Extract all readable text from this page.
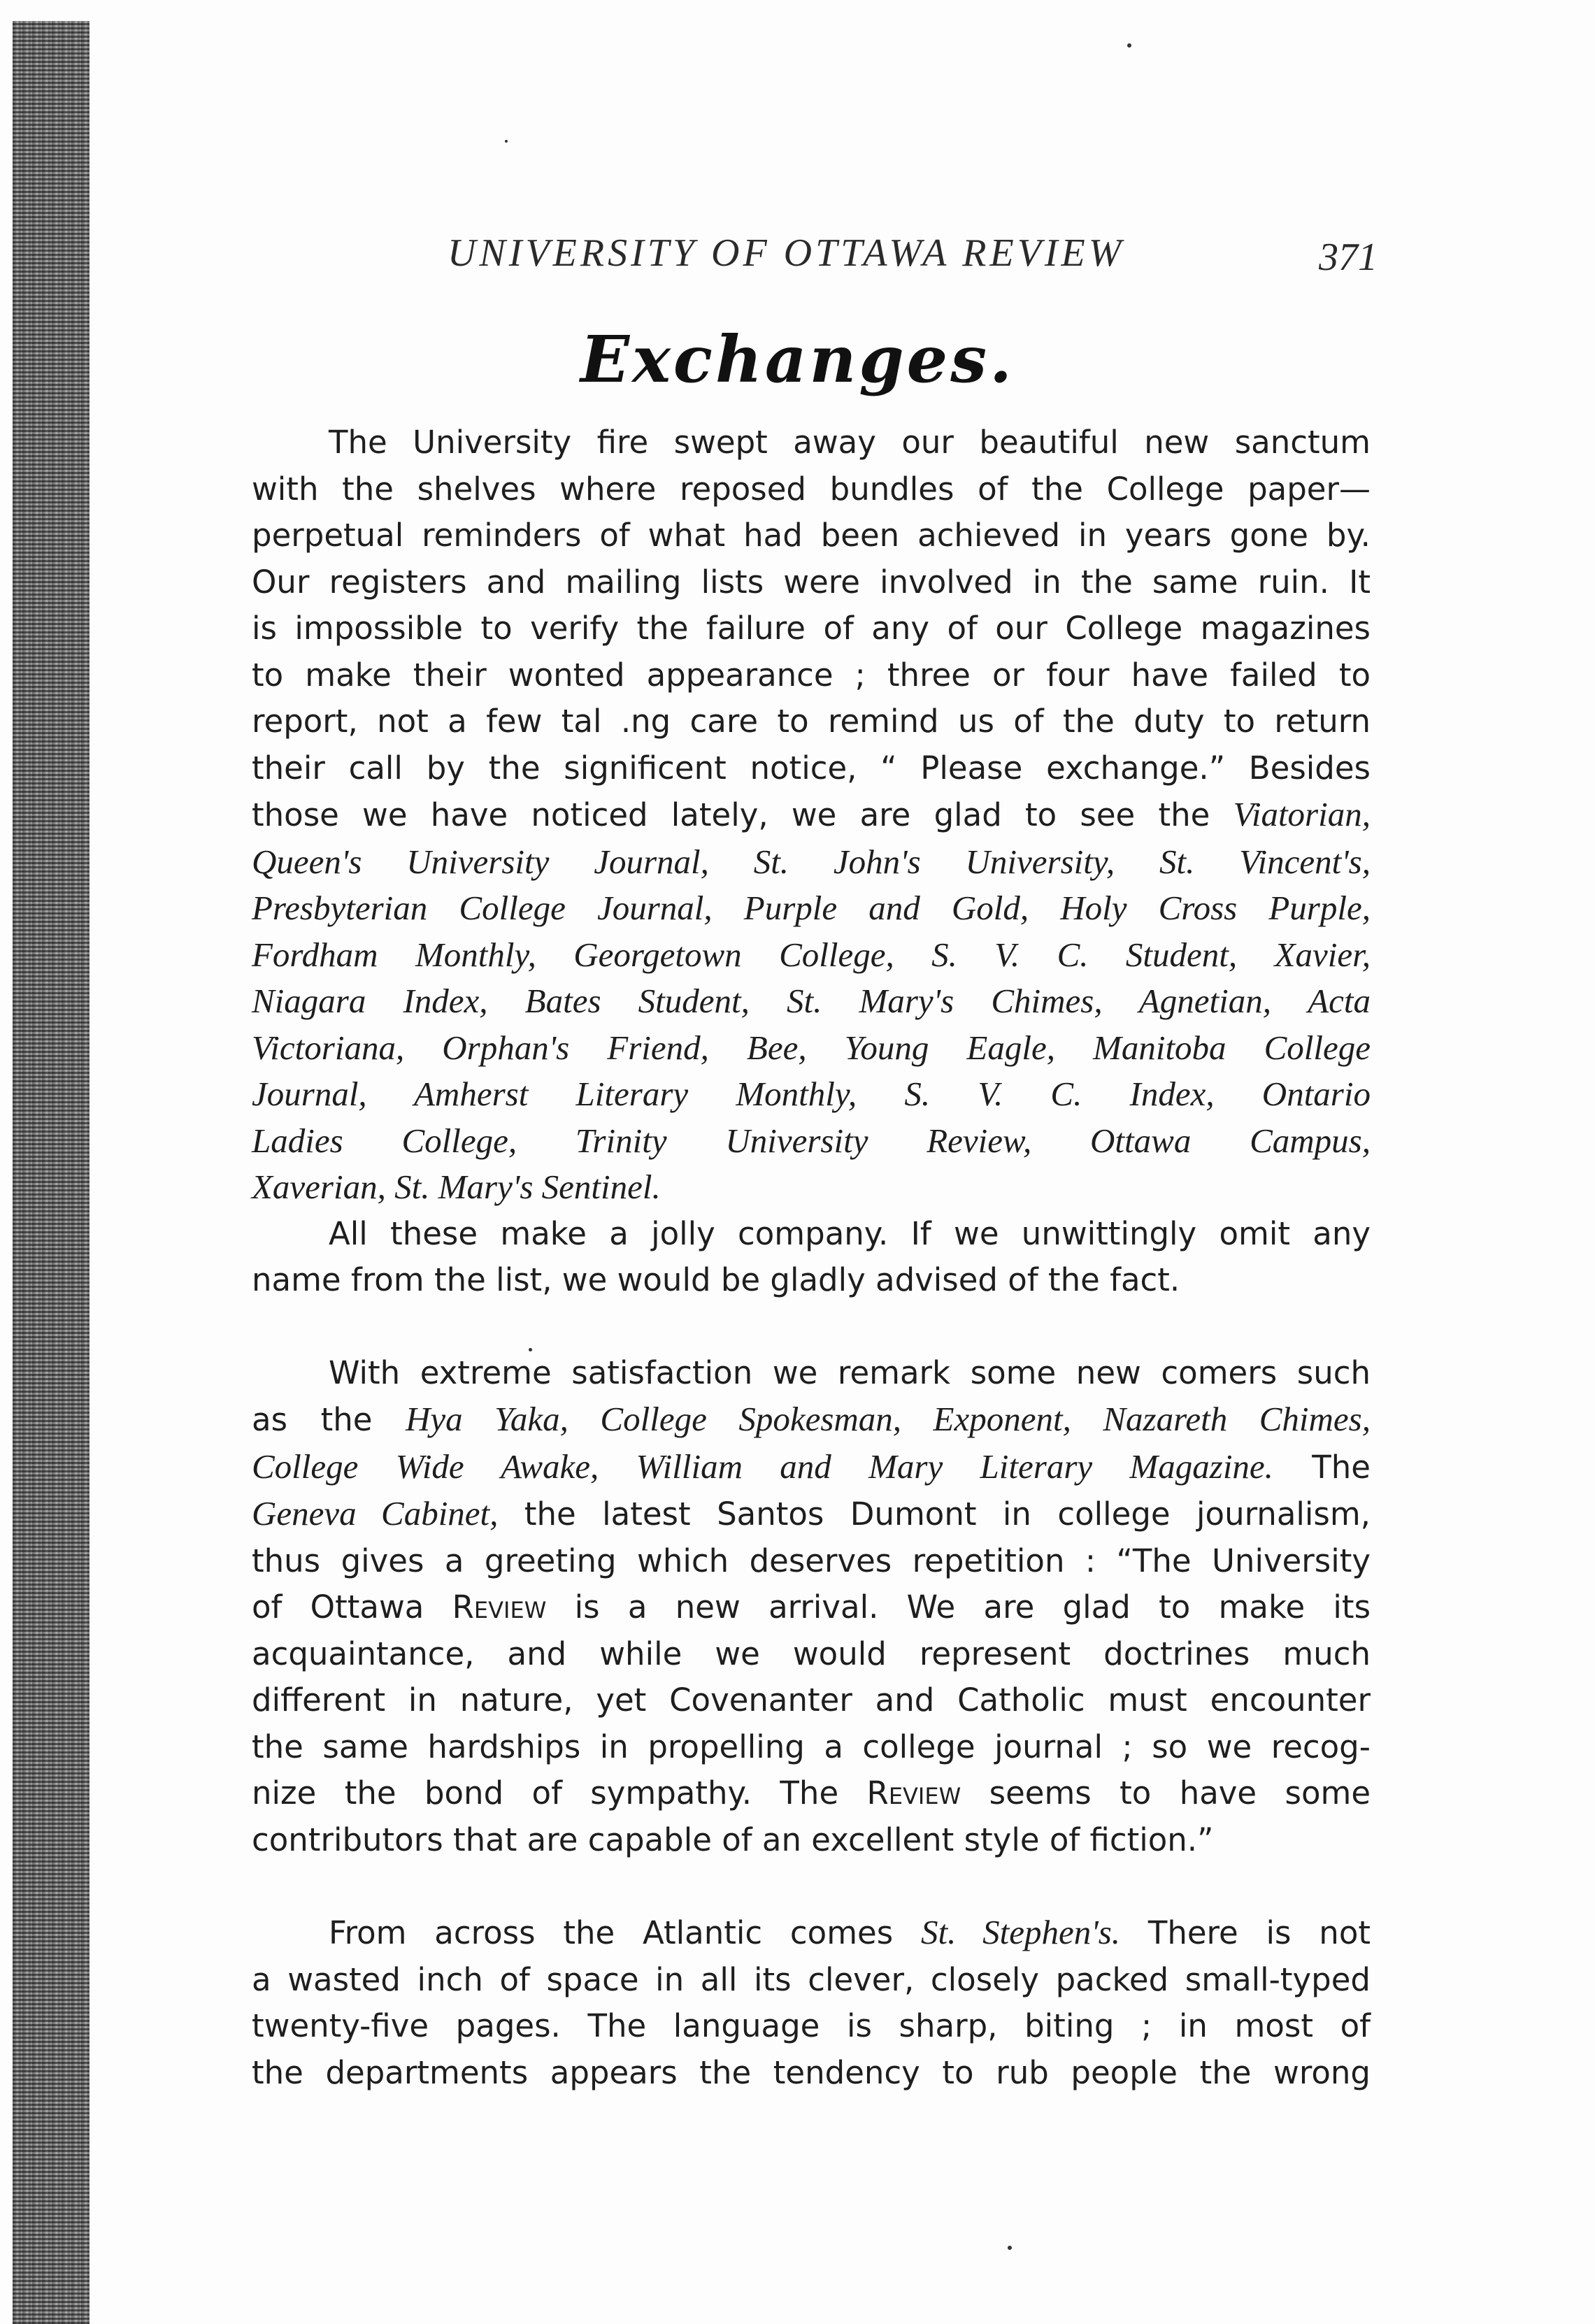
UNIVERSITY OF OTTAWA REVIEW	371
Exchanges.
The University fire swept away our beautiful new sanctum
with the shelves where reposed bundles of the College paper—
perpetual reminders of what had been achieved in years gone by.
Our registers and mailing lists were involved in the same ruin. It
is impossible to verify the failure of any of our College magazines
to make their wonted appearance ; three or four have failed to
report, not a few tal .ng care to remind us of the duty to return
their call by the significent notice, “ Please exchange.” Besides
those we have noticed lately, we are glad to see the Viatorian,
Queen's University Journal, St. John's University, St. Vincent's,
Presbyterian College Journal, Purple and Gold, Holy Cross Purple,
Fordham Monthly, Georgetown College, S. V. C. Student, Xavier,
Niagara Index, Bates Student, St. Mary's Chimes, Agnetian, Acta
Victoriana, Orphan's Friend, Bee, Young Eagle, Manitoba College
Journal, Amherst Literary Monthly, S. V. C. Index, Ontario
Ladies College, Trinity University Review, Ottawa Campus,
Xaverian, St. Mary's Sentinel.
All these make a jolly company. If we unwittingly omit any
name from the list, we would be gladly advised of the fact.
With extreme satisfaction we remark some new comers such
as the Hya Yaka, College Spokesman, Exponent, Nazareth Chimes,
College Wide Awake, William and Mary Literary Magazine. The
Geneva Cabinet, the latest Santos Dumont in college journalism,
thus gives a greeting which deserves repetition : “The University
of Ottawa Review is a new arrival. We are glad to make its
acquaintance, and while we would represent doctrines much
different in nature, yet Covenanter and Catholic must encounter
the same hardships in propelling a college journal ; so we recog-
nize the bond of sympathy. The Review seems to have some
contributors that are capable of an excellent style of fiction.”
From across the Atlantic comes St. Stephen's. There is not
a wasted inch of space in all its clever, closely packed small-typed
twenty-five pages. The language is sharp, biting ; in most of
the departments appears the tendency to rub people the wrong
